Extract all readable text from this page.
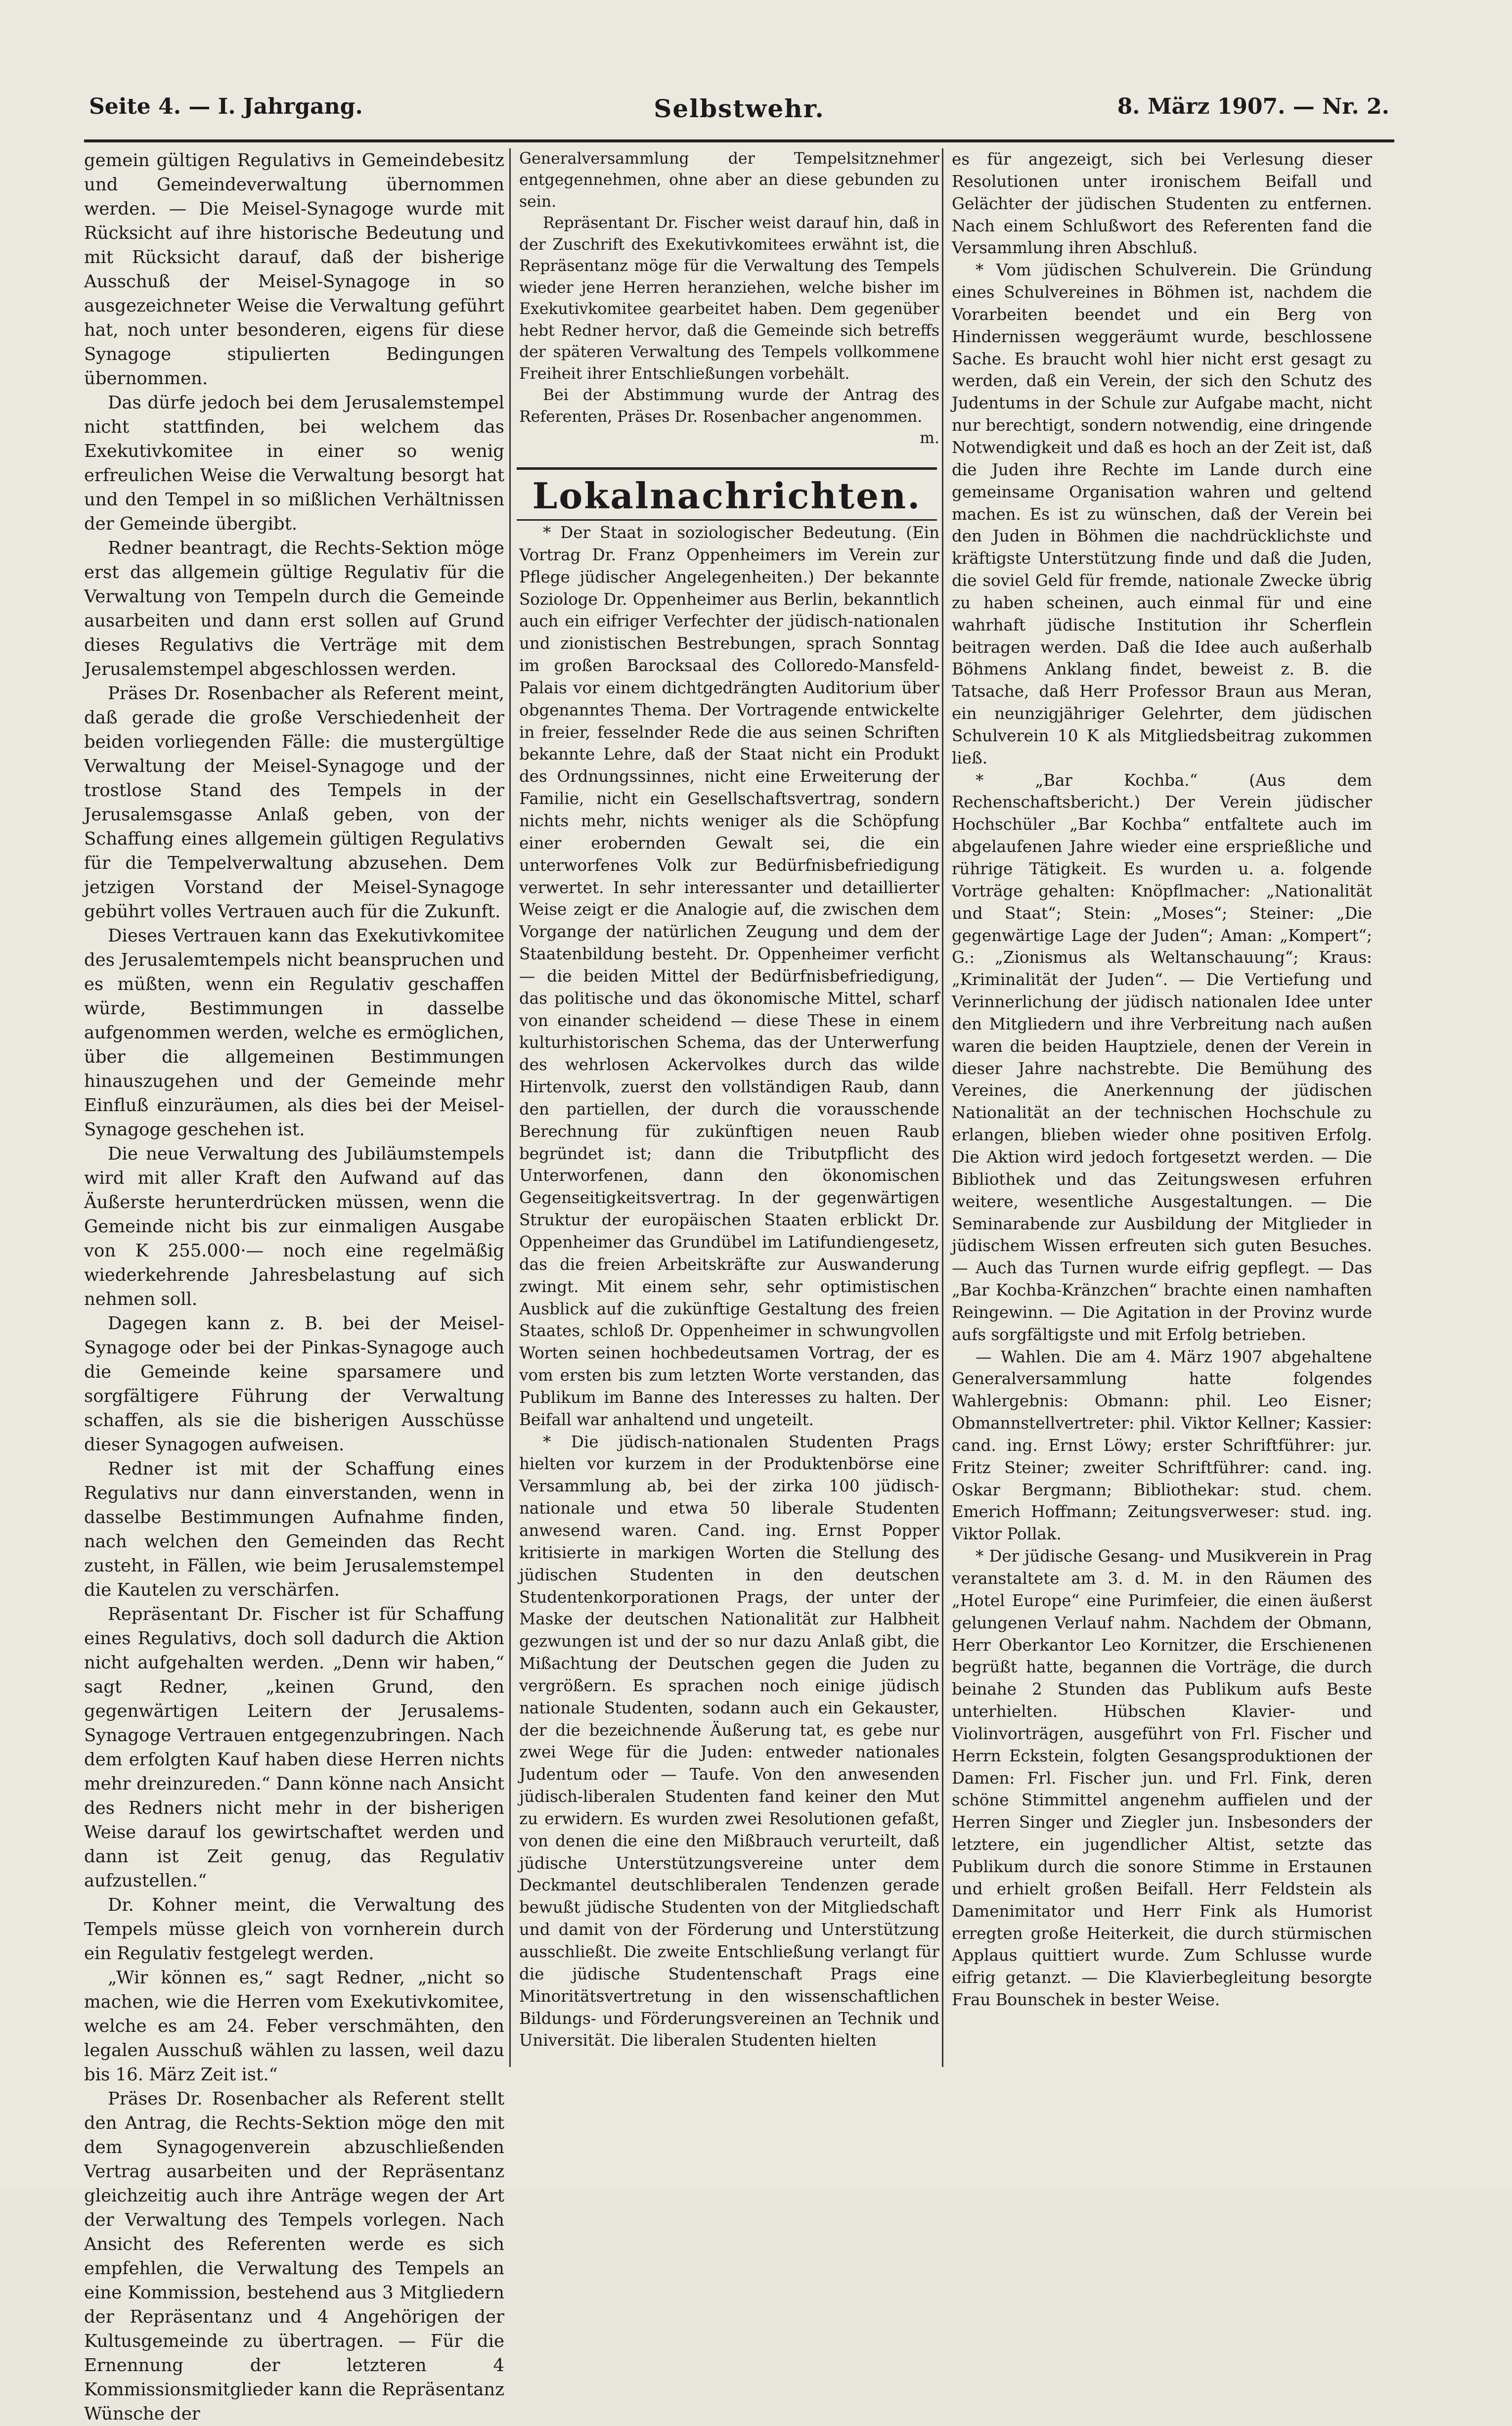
Seite 4. — I. Jahrgang.	Selbstwehr.	8. März 1907. — Nr. 2.

gemein gültigen Regulativs in Gemeindebesitz und Gemeindeverwaltung übernommen werden. — Die Meisel-Synagoge wurde mit Rücksicht auf ihre historische Bedeutung und mit Rücksicht darauf, daß der bisherige Ausschuß der Meisel-Synagoge in so ausgezeichneter Weise die Verwaltung geführt hat, noch unter besonderen, eigens für diese Synagoge stipulierten Bedingungen übernommen.

Das dürfe jedoch bei dem Jerusalemstempel nicht stattfinden, bei welchem das Exekutivkomitee in einer so wenig erfreulichen Weise die Verwaltung besorgt hat und den Tempel in so mißlichen Verhältnissen der Gemeinde übergibt.

Redner beantragt, die Rechts-Sektion möge erst das allgemein gültige Regulativ für die Verwaltung von Tempeln durch die Gemeinde ausarbeiten und dann erst sollen auf Grund dieses Regulativs die Verträge mit dem Jerusalemstempel abgeschlossen werden.

Präses Dr. Rosenbacher als Referent meint, daß gerade die große Verschiedenheit der beiden vorliegenden Fälle: die mustergültige Verwaltung der Meisel-Synagoge und der trostlose Stand des Tempels in der Jerusalemsgasse Anlaß geben, von der Schaffung eines allgemein gültigen Regulativs für die Tempelverwaltung abzusehen. Dem jetzigen Vorstand der Meisel-Synagoge gebührt volles Vertrauen auch für die Zukunft.

Dieses Vertrauen kann das Exekutivkomitee des Jerusalemtempels nicht beanspruchen und es müßten, wenn ein Regulativ geschaffen würde, Bestimmungen in dasselbe aufgenommen werden, welche es ermöglichen, über die allgemeinen Bestimmungen hinauszugehen und der Gemeinde mehr Einfluß einzuräumen, als dies bei der Meisel-Synagoge geschehen ist.

Die neue Verwaltung des Jubiläumstempels wird mit aller Kraft den Aufwand auf das Äußerste herunterdrücken müssen, wenn die Gemeinde nicht bis zur einmaligen Ausgabe von K 255.000·— noch eine regelmäßig wiederkehrende Jahresbelastung auf sich nehmen soll.

Dagegen kann z. B. bei der Meisel-Synagoge oder bei der Pinkas-Synagoge auch die Gemeinde keine sparsamere und sorgfältigere Führung der Verwaltung schaffen, als sie die bisherigen Ausschüsse dieser Synagogen aufweisen.

Redner ist mit der Schaffung eines Regulativs nur dann einverstanden, wenn in dasselbe Bestimmungen Aufnahme finden, nach welchen den Gemeinden das Recht zusteht, in Fällen, wie beim Jerusalemstempel die Kautelen zu verschärfen.

Repräsentant Dr. Fischer ist für Schaffung eines Regulativs, doch soll dadurch die Aktion nicht aufgehalten werden. „Denn wir haben,“ sagt Redner, „keinen Grund, den gegenwärtigen Leitern der Jerusalems-Synagoge Vertrauen entgegenzubringen. Nach dem erfolgten Kauf haben diese Herren nichts mehr dreinzureden.“ Dann könne nach Ansicht des Redners nicht mehr in der bisherigen Weise darauf los gewirtschaftet werden und dann ist Zeit genug, das Regulativ aufzustellen.“

Dr. Kohner meint, die Verwaltung des Tempels müsse gleich von vornherein durch ein Regulativ festgelegt werden.

„Wir können es,“ sagt Redner, „nicht so machen, wie die Herren vom Exekutivkomitee, welche es am 24. Feber verschmähten, den legalen Ausschuß wählen zu lassen, weil dazu bis 16. März Zeit ist.“

Präses Dr. Rosenbacher als Referent stellt den Antrag, die Rechts-Sektion möge den mit dem Synagogenverein abzuschließenden Vertrag ausarbeiten und der Repräsentanz gleichzeitig auch ihre Anträge wegen der Art der Verwaltung des Tempels vorlegen. Nach Ansicht des Referenten werde es sich empfehlen, die Verwaltung des Tempels an eine Kommission, bestehend aus 3 Mitgliedern der Repräsentanz und 4 Angehörigen der Kultusgemeinde zu übertragen. — Für die Ernennung der letzteren 4 Kommissionsmitglieder kann die Repräsentanz Wünsche der

Generalversammlung der Tempelsitznehmer entgegennehmen, ohne aber an diese gebunden zu sein.

Repräsentant Dr. Fischer weist darauf hin, daß in der Zuschrift des Exekutivkomitees erwähnt ist, die Repräsentanz möge für die Verwaltung des Tempels wieder jene Herren heranziehen, welche bisher im Exekutivkomitee gearbeitet haben. Dem gegenüber hebt Redner hervor, daß die Gemeinde sich betreffs der späteren Verwaltung des Tempels vollkommene Freiheit ihrer Entschließungen vorbehält.

Bei der Abstimmung wurde der Antrag des Referenten, Präses Dr. Rosenbacher angenommen.

m.

Lokalnachrichten.

* Der Staat in soziologischer Bedeutung. (Ein Vortrag Dr. Franz Oppenheimers im Verein zur Pflege jüdischer Angelegenheiten.) Der bekannte Soziologe Dr. Oppenheimer aus Berlin, bekanntlich auch ein eifriger Verfechter der jüdisch-nationalen und zionistischen Bestrebungen, sprach Sonntag im großen Barocksaal des Colloredo-Mansfeld-Palais vor einem dichtgedrängten Auditorium über obgenanntes Thema. Der Vortragende entwickelte in freier, fesselnder Rede die aus seinen Schriften bekannte Lehre, daß der Staat nicht ein Produkt des Ordnungssinnes, nicht eine Erweiterung der Familie, nicht ein Gesellschaftsvertrag, sondern nichts mehr, nichts weniger als die Schöpfung einer erobernden Gewalt sei, die ein unterworfenes Volk zur Bedürfnisbefriedigung verwertet. In sehr interessanter und detaillierter Weise zeigt er die Analogie auf, die zwischen dem Vorgange der natürlichen Zeugung und dem der Staatenbildung besteht. Dr. Oppenheimer verficht — die beiden Mittel der Bedürfnisbefriedigung, das politische und das ökonomische Mittel, scharf von einander scheidend — diese These in einem kulturhistorischen Schema, das der Unterwerfung des wehrlosen Ackervolkes durch das wilde Hirtenvolk, zuerst den vollständigen Raub, dann den partiellen, der durch die vorausschende Berechnung für zukünftigen neuen Raub begründet ist; dann die Tributpflicht des Unterworfenen, dann den ökonomischen Gegenseitigkeitsvertrag. In der gegenwärtigen Struktur der europäischen Staaten erblickt Dr. Oppenheimer das Grundübel im Latifundiengesetz, das die freien Arbeitskräfte zur Auswanderung zwingt. Mit einem sehr, sehr optimistischen Ausblick auf die zukünftige Gestaltung des freien Staates, schloß Dr. Oppenheimer in schwungvollen Worten seinen hochbedeutsamen Vortrag, der es vom ersten bis zum letzten Worte verstanden, das Publikum im Banne des Interesses zu halten. Der Beifall war anhaltend und ungeteilt.

* Die jüdisch-nationalen Studenten Prags hielten vor kurzem in der Produktenbörse eine Versammlung ab, bei der zirka 100 jüdisch-nationale und etwa 50 liberale Studenten anwesend waren. Cand. ing. Ernst Popper kritisierte in markigen Worten die Stellung des jüdischen Studenten in den deutschen Studentenkorporationen Prags, der unter der Maske der deutschen Nationalität zur Halbheit gezwungen ist und der so nur dazu Anlaß gibt, die Mißachtung der Deutschen gegen die Juden zu vergrößern. Es sprachen noch einige jüdisch nationale Studenten, sodann auch ein Gekauster, der die bezeichnende Äußerung tat, es gebe nur zwei Wege für die Juden: entweder nationales Judentum oder — Taufe. Von den anwesenden jüdisch-liberalen Studenten fand keiner den Mut zu erwidern. Es wurden zwei Resolutionen gefaßt, von denen die eine den Mißbrauch verurteilt, daß jüdische Unterstützungsvereine unter dem Deckmantel deutschliberalen Tendenzen gerade bewußt jüdische Studenten von der Mitgliedschaft und damit von der Förderung und Unterstützung ausschließt. Die zweite Entschließung verlangt für die jüdische Studentenschaft Prags eine Minoritätsvertretung in den wissenschaftlichen Bildungs- und Förderungsvereinen an Technik und Universität. Die liberalen Studenten hielten

es für angezeigt, sich bei Verlesung dieser Resolutionen unter ironischem Beifall und Gelächter der jüdischen Studenten zu entfernen. Nach einem Schlußwort des Referenten fand die Versammlung ihren Abschluß.

* Vom jüdischen Schulverein. Die Gründung eines Schulvereines in Böhmen ist, nachdem die Vorarbeiten beendet und ein Berg von Hindernissen weggeräumt wurde, beschlossene Sache. Es braucht wohl hier nicht erst gesagt zu werden, daß ein Verein, der sich den Schutz des Judentums in der Schule zur Aufgabe macht, nicht nur berechtigt, sondern notwendig, eine dringende Notwendigkeit und daß es hoch an der Zeit ist, daß die Juden ihre Rechte im Lande durch eine gemeinsame Organisation wahren und geltend machen. Es ist zu wünschen, daß der Verein bei den Juden in Böhmen die nachdrücklichste und kräftigste Unterstützung finde und daß die Juden, die soviel Geld für fremde, nationale Zwecke übrig zu haben scheinen, auch einmal für und eine wahrhaft jüdische Institution ihr Scherflein beitragen werden. Daß die Idee auch außerhalb Böhmens Anklang findet, beweist z. B. die Tatsache, daß Herr Professor Braun aus Meran, ein neunzigjähriger Gelehrter, dem jüdischen Schulverein 10 K als Mitgliedsbeitrag zukommen ließ.

* „Bar Kochba.“ (Aus dem Rechenschaftsbericht.) Der Verein jüdischer Hochschüler „Bar Kochba“ entfaltete auch im abgelaufenen Jahre wieder eine ersprießliche und rührige Tätigkeit. Es wurden u. a. folgende Vorträge gehalten: Knöpflmacher: „Nationalität und Staat“; Stein: „Moses“; Steiner: „Die gegenwärtige Lage der Juden“; Aman: „Kompert“; G.: „Zionismus als Weltanschauung“; Kraus: „Kriminalität der Juden“. — Die Vertiefung und Verinnerlichung der jüdisch nationalen Idee unter den Mitgliedern und ihre Verbreitung nach außen waren die beiden Hauptziele, denen der Verein in dieser Jahre nachstrebte. Die Bemühung des Vereines, die Anerkennung der jüdischen Nationalität an der technischen Hochschule zu erlangen, blieben wieder ohne positiven Erfolg. Die Aktion wird jedoch fortgesetzt werden. — Die Bibliothek und das Zeitungswesen erfuhren weitere, wesentliche Ausgestaltungen. — Die Seminarabende zur Ausbildung der Mitglieder in jüdischem Wissen erfreuten sich guten Besuches. — Auch das Turnen wurde eifrig gepflegt. — Das „Bar Kochba-Kränzchen“ brachte einen namhaften Reingewinn. — Die Agitation in der Provinz wurde aufs sorgfältigste und mit Erfolg betrieben.

— Wahlen. Die am 4. März 1907 abgehaltene Generalversammlung hatte folgendes Wahlergebnis: Obmann: phil. Leo Eisner; Obmannstellvertreter: phil. Viktor Kellner; Kassier: cand. ing. Ernst Löwy; erster Schriftführer: jur. Fritz Steiner; zweiter Schriftführer: cand. ing. Oskar Bergmann; Bibliothekar: stud. chem. Emerich Hoffmann; Zeitungsverweser: stud. ing. Viktor Pollak.

* Der jüdische Gesang- und Musikverein in Prag veranstaltete am 3. d. M. in den Räumen des „Hotel Europe“ eine Purimfeier, die einen äußerst gelungenen Verlauf nahm. Nachdem der Obmann, Herr Oberkantor Leo Kornitzer, die Erschienenen begrüßt hatte, begannen die Vorträge, die durch beinahe 2 Stunden das Publikum aufs Beste unterhielten. Hübschen Klavier- und Violinvorträgen, ausgeführt von Frl. Fischer und Herrn Eckstein, folgten Gesangsproduktionen der Damen: Frl. Fischer jun. und Frl. Fink, deren schöne Stimmittel angenehm auffielen und der Herren Singer und Ziegler jun. Insbesonders der letztere, ein jugendlicher Altist, setzte das Publikum durch die sonore Stimme in Erstaunen und erhielt großen Beifall. Herr Feldstein als Damenimitator und Herr Fink als Humorist erregten große Heiterkeit, die durch stürmischen Applaus quittiert wurde. Zum Schlusse wurde eifrig getanzt. — Die Klavierbegleitung besorgte Frau Bounschek in bester Weise.
